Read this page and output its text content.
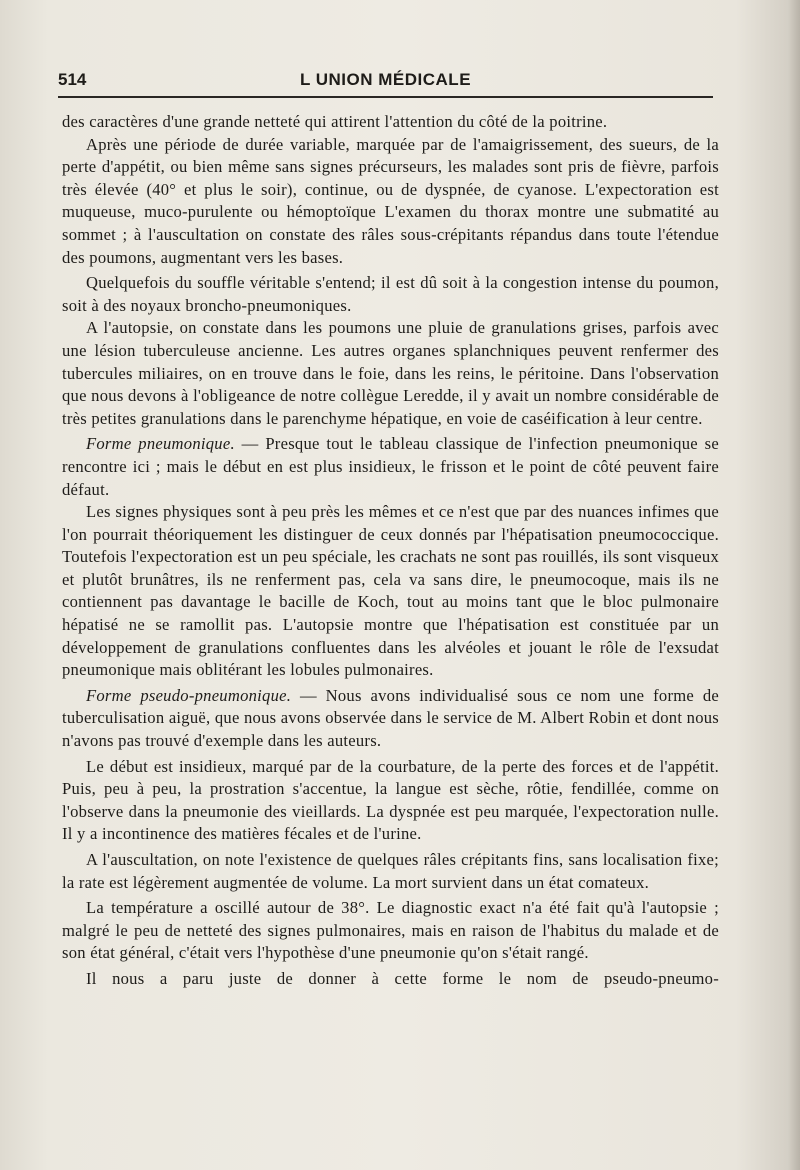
514	L UNION MÉDICALE

des caractères d'une grande netteté qui attirent l'attention du côté de la poitrine.

Après une période de durée variable, marquée par de l'amaigrissement, des sueurs, de la perte d'appétit, ou bien même sans signes précurseurs, les malades sont pris de fièvre, parfois très élevée (40° et plus le soir), continue, ou de dyspnée, de cyanose. L'expectoration est muqueuse, muco-purulente ou hémoptoïque L'examen du thorax montre une submatité au sommet ; à l'auscultation on constate des râles sous-crépitants répandus dans toute l'étendue des poumons, augmentant vers les bases.

Quelquefois du souffle véritable s'entend; il est dû soit à la congestion intense du poumon, soit à des noyaux broncho-pneumoniques.

A l'autopsie, on constate dans les poumons une pluie de granulations grises, parfois avec une lésion tuberculeuse ancienne. Les autres organes splanchniques peuvent renfermer des tubercules miliaires, on en trouve dans le foie, dans les reins, le péritoine. Dans l'observation que nous devons à l'obligeance de notre collègue Leredde, il y avait un nombre considérable de très petites granulations dans le parenchyme hépatique, en voie de caséification à leur centre.

Forme pneumonique. — Presque tout le tableau classique de l'infection pneumonique se rencontre ici ; mais le début en est plus insidieux, le frisson et le point de côté peuvent faire défaut.

Les signes physiques sont à peu près les mêmes et ce n'est que par des nuances infimes que l'on pourrait théoriquement les distinguer de ceux donnés par l'hépatisation pneumococcique. Toutefois l'expectoration est un peu spéciale, les crachats ne sont pas rouillés, ils sont visqueux et plutôt brunâtres, ils ne renferment pas, cela va sans dire, le pneumocoque, mais ils ne contiennent pas davantage le bacille de Koch, tout au moins tant que le bloc pulmonaire hépatisé ne se ramollit pas. L'autopsie montre que l'hépatisation est constituée par un développement de granulations confluentes dans les alvéoles et jouant le rôle de l'exsudat pneumonique mais oblitérant les lobules pulmonaires.

Forme pseudo-pneumonique. — Nous avons individualisé sous ce nom une forme de tuberculisation aiguë, que nous avons observée dans le service de M. Albert Robin et dont nous n'avons pas trouvé d'exemple dans les auteurs.

Le début est insidieux, marqué par de la courbature, de la perte des forces et de l'appétit. Puis, peu à peu, la prostration s'accentue, la langue est sèche, rôtie, fendillée, comme on l'observe dans la pneumonie des vieillards. La dyspnée est peu marquée, l'expectoration nulle. Il y a incontinence des matières fécales et de l'urine.

A l'auscultation, on note l'existence de quelques râles crépitants fins, sans localisation fixe; la rate est légèrement augmentée de volume. La mort survient dans un état comateux.

La température a oscillé autour de 38°. Le diagnostic exact n'a été fait qu'à l'autopsie ; malgré le peu de netteté des signes pulmonaires, mais en raison de l'habitus du malade et de son état général, c'était vers l'hypothèse d'une pneumonie qu'on s'était rangé.

Il nous a paru juste de donner à cette forme le nom de pseudo-pneumo-
